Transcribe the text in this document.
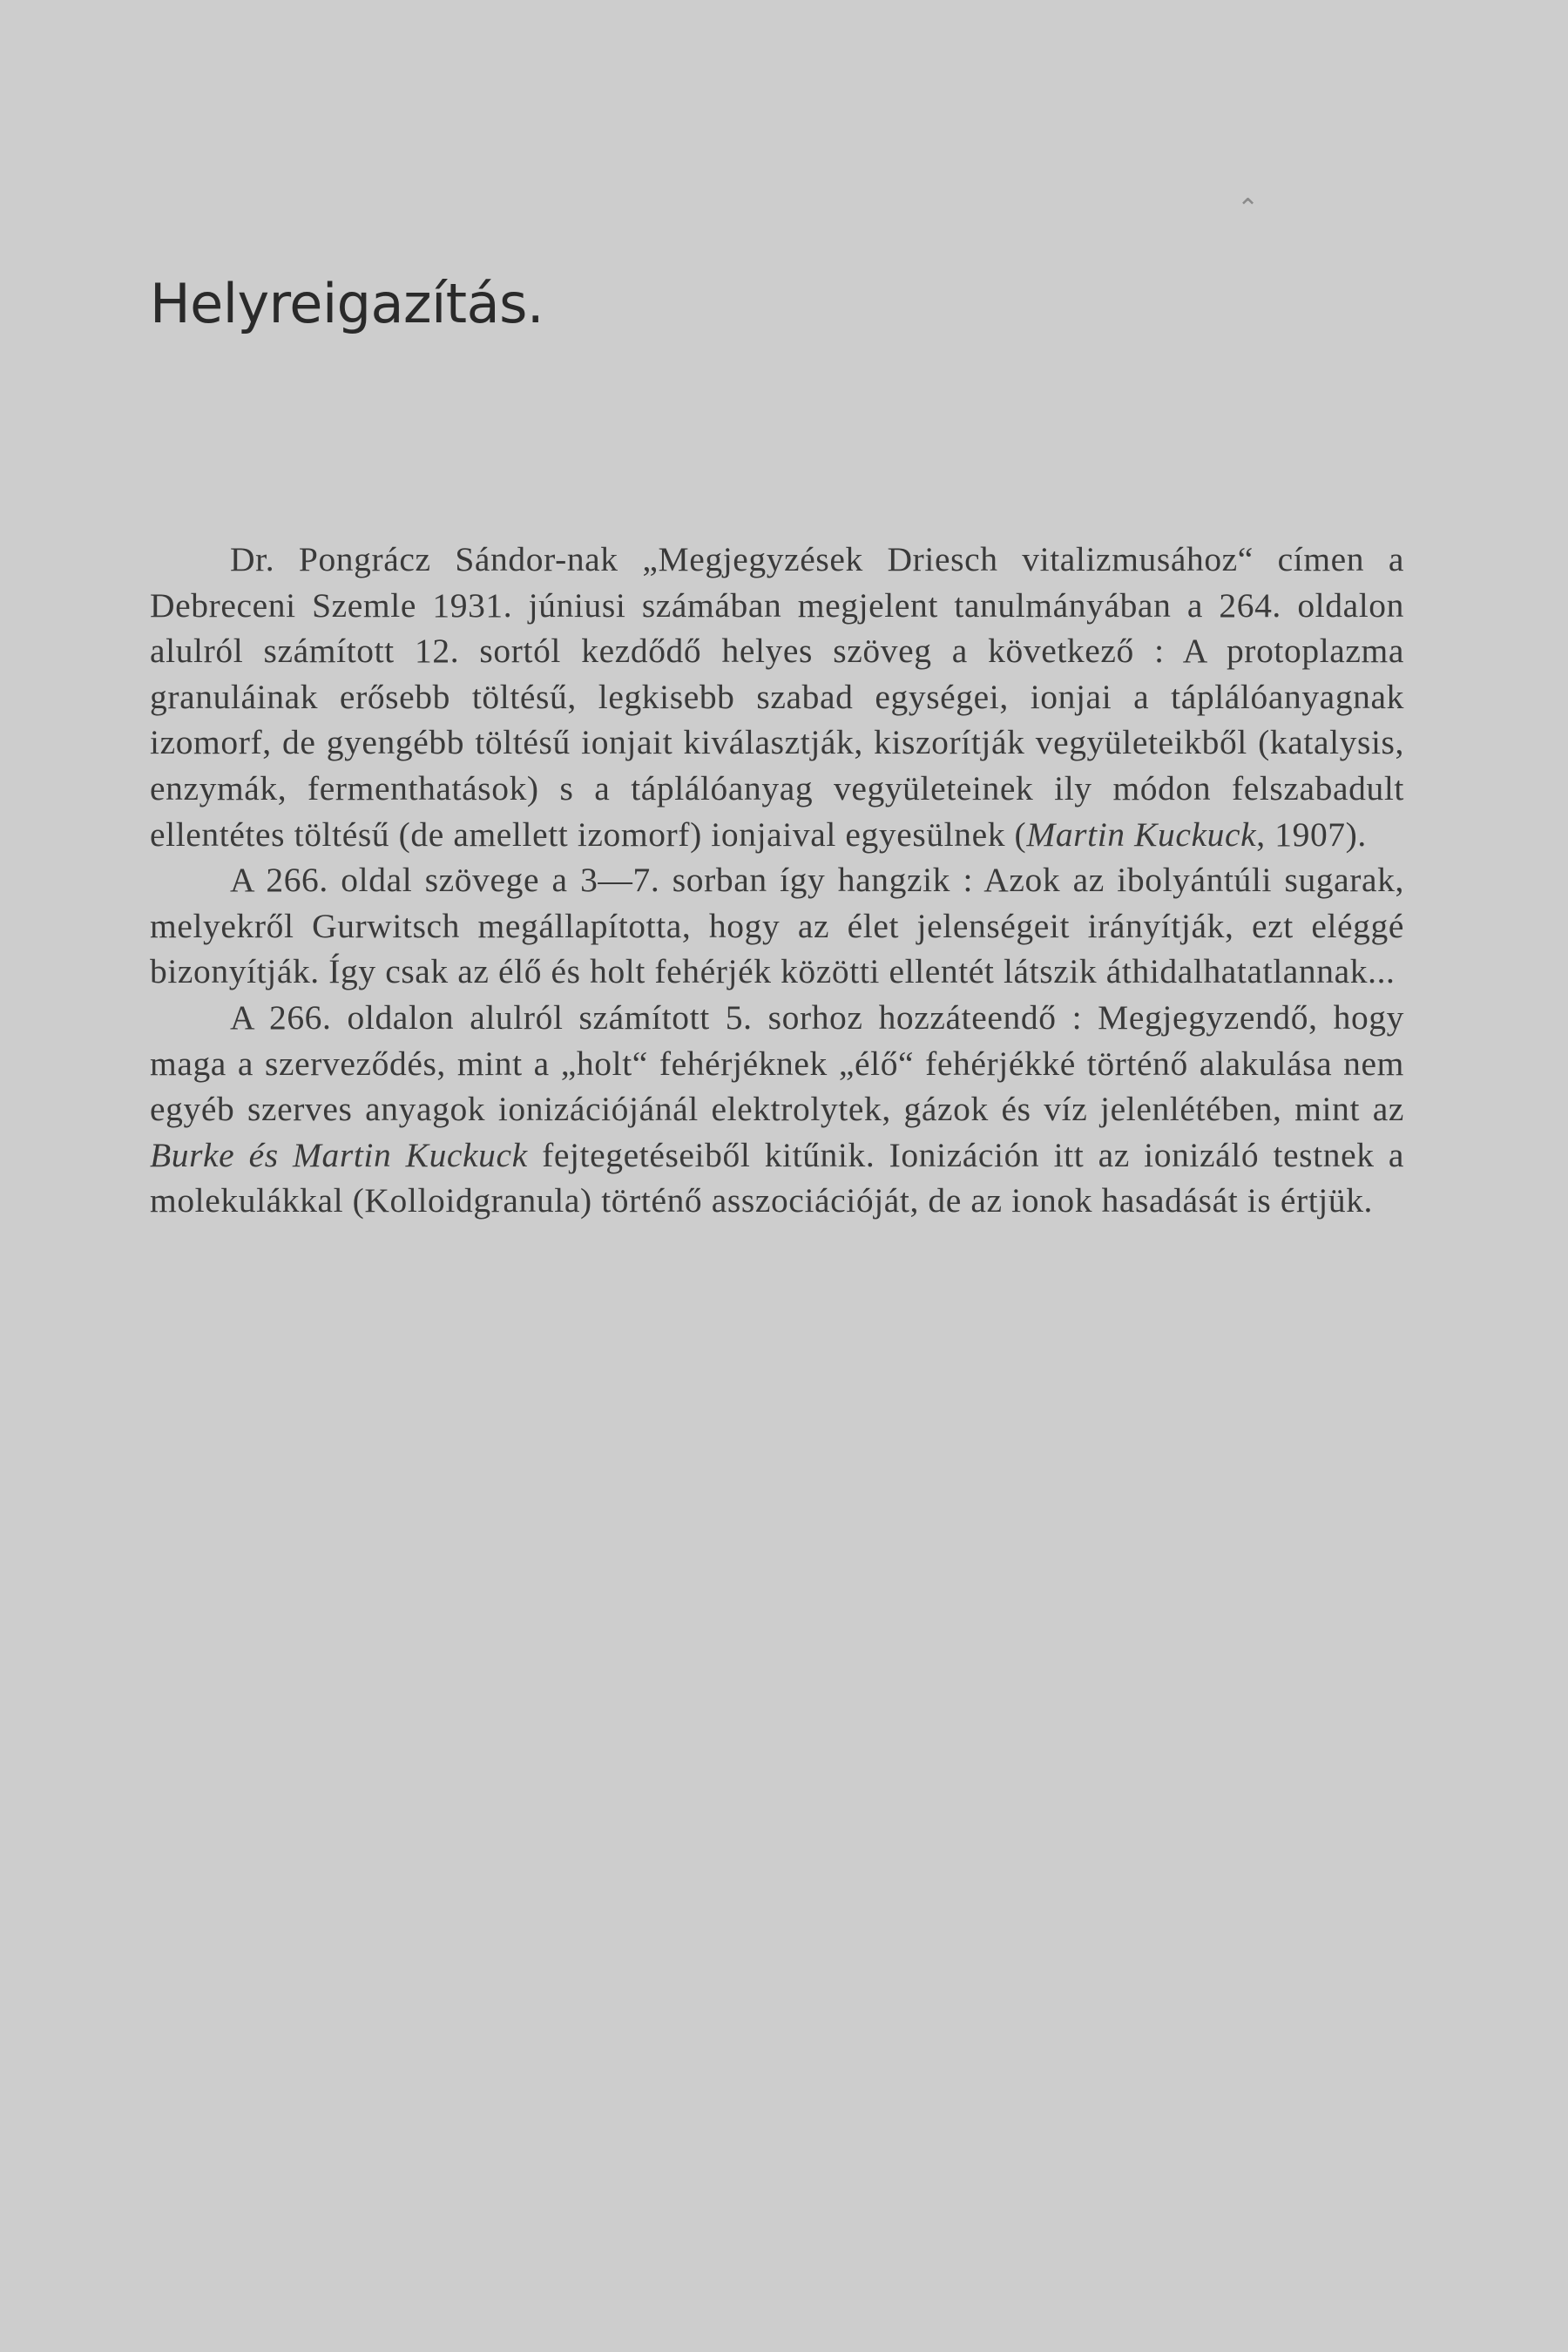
⌃
Helyreigazítás.

Dr. Pongrácz Sándor-nak „Megjegyzések Driesch vitalizmusához“ címen a Debreceni Szemle 1931. júniusi számában megjelent tanulmányában a 264. oldalon alulról számított 12. sortól kezdődő helyes szöveg a következő : A protoplazma granuláinak erősebb töltésű, legkisebb szabad egységei, ionjai a táplálóanyagnak izomorf, de gyengébb töltésű ionjait kiválasztják, kiszorítják vegyületeikből (katalysis, enzymák, fermenthatások) s a táplálóanyag vegyületeinek ily módon felszabadult ellentétes töltésű (de amellett izomorf) ionjaival egyesülnek (Martin Kuckuck, 1907).

A 266. oldal szövege a 3—7. sorban így hangzik : Azok az ibolyántúli sugarak, melyekről Gurwitsch megállapította, hogy az élet jelenségeit irányítják, ezt eléggé bizonyítják. Így csak az élő és holt fehérjék közötti ellentét látszik áthidalhatatlannak...

A 266. oldalon alulról számított 5. sorhoz hozzáteendő : Megjegyzendő, hogy maga a szerveződés, mint a „holt“ fehérjéknek „élő“ fehérjékké történő alakulása nem egyéb szerves anyagok ionizációjánál elektrolytek, gázok és víz jelenlétében, mint az Burke és Martin Kuckuck fejtegetéseiből kitűnik. Ionizáción itt az ionizáló testnek a molekulákkal (Kolloidgranula) történő asszociációját, de az ionok hasadását is értjük.
